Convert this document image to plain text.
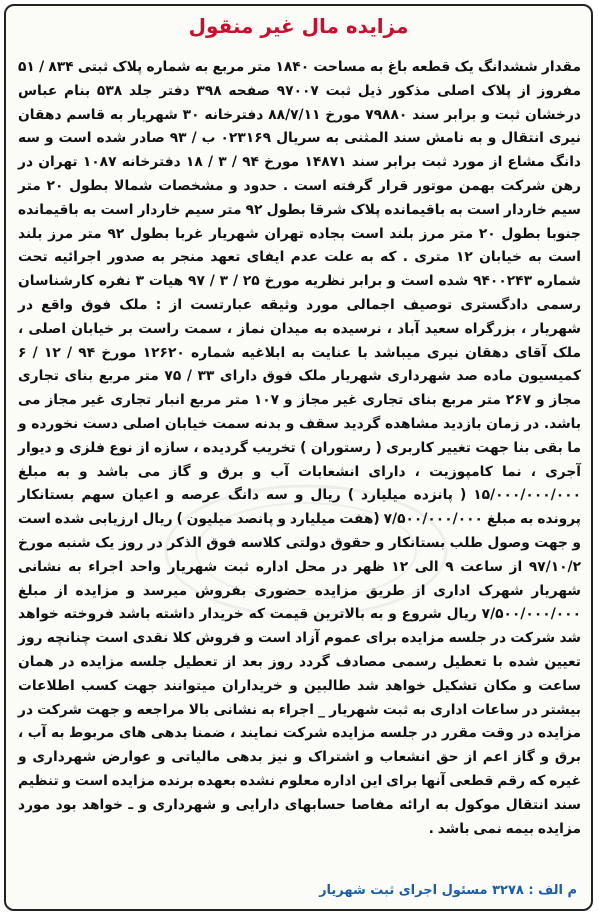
مزایده مال غیر منقول
مقدار ششدانگ یک قطعه باغ به مساحت ۱۸۴۰ متر مربع به شماره پلاک ثبتی ۸۳۴ / ۵۱ مفروز از پلاک اصلی مذکور ذیل ثبت ۹۷۰۰۷ صفحه ۳۹۸ دفتر جلد ۵۳۸ بنام عباس درخشان ثبت و برابر سند ۷۹۸۸۰ مورخ ۸۸/۷/۱۱ دفترخانه ۳۰ شهریار به قاسم دهقان نیری انتقال و به نامش سند المثنی به سریال ۰۲۳۱۶۹ ب / ۹۳ صادر شده است و سه دانگ مشاع از مورد ثبت برابر سند ۱۴۸۷۱ مورخ ۹۴ / ۳ / ۱۸ دفترخانه ۱۰۸۷ تهران در رهن شرکت بهمن موتور قرار گرفته است . حدود و مشخصات شمالا بطول ۲۰ متر سیم خاردار است به باقیمانده پلاک شرقا بطول ۹۲ متر سیم خاردار است به باقیمانده جنوبا بطول ۲۰ متر مرز بلند است بجاده تهران شهریار غربا بطول ۹۲ متر مرز بلند است به خیابان ۱۲ متری . که به علت عدم ایفای تعهد منجر به صدور اجرائیه تحت شماره ۹۴۰۰۲۴۳ شده است و برابر نظریه مورخ ۲۵ / ۳ / ۹۷ هیات ۳ نفره کارشناسان رسمی دادگستری توصیف اجمالی مورد وثیقه عبارتست از : ملک فوق واقع در شهریار ، بزرگراه سعید آباد ، نرسیده به میدان نماز ، سمت راست بر خیابان اصلی ، ملک آقای دهقان نیری میباشد با عنایت به ابلاغیه شماره ۱۲۶۲۰ مورخ ۹۴ / ۱۲ / ۶ کمیسیون ماده صد شهرداری شهریار ملک فوق دارای ۳۳ / ۷۵ متر مربع بنای تجاری مجاز و ۲۶۷ متر مربع بنای تجاری غیر مجاز و ۱۰۷ متر مربع انبار تجاری غیر مجاز می باشد. در زمان بازدید مشاهده گردید سقف و بدنه سمت خیابان اصلی دست نخورده و ما بقی بنا جهت تغییر کاربری ( رستوران ) تخریب گردیده ، سازه از نوع فلزی و دیوار آجری ، نما کامپوزیت ، دارای انشعابات آب و برق و گاز می باشد و به مبلغ ۱۵/۰۰۰/۰۰۰/۰۰۰ ( پانزده میلیارد ) ریال و سه دانگ عرصه و اعیان سهم بستانکار پرونده به مبلغ ۷/۵۰۰/۰۰۰/۰۰۰ (هفت میلیارد و پانصد میلیون ) ریال ارزیابی شده است و جهت وصول طلب بستانکار و حقوق دولتی کلاسه فوق الذکر در روز یک شنبه مورخ ۹۷/۱۰/۲ از ساعت ۹ الی ۱۲ ظهر در محل اداره ثبت شهریار واحد اجراء به نشانی شهریار شهرک اداری از طریق مزایده حضوری بفروش میرسد و مزایده از مبلغ ۷/۵۰۰/۰۰۰/۰۰۰ ریال شروع و به بالاترین قیمت که خریدار داشته باشد فروخته خواهد شد شرکت در جلسه مزایده برای عموم آزاد است و فروش کلا نقدی است چنانچه روز تعیین شده با تعطیل رسمی مصادف گردد روز بعد از تعطیل جلسه مزایده در همان ساعت و مکان تشکیل خواهد شد طالبین و خریداران میتوانند جهت کسب اطلاعات بیشتر در ساعات اداری به ثبت شهریار _ اجراء به نشانی بالا مراجعه و جهت شرکت در مزایده در وقت مقرر در جلسه مزایده شرکت نمایند ، ضمنا بدهی های مربوط به آب ، برق و گاز اعم از حق انشعاب و اشتراک و نیز بدهی مالیاتی و عوارض شهرداری و غیره که رقم قطعی آنها برای این اداره معلوم نشده بعهده برنده مزایده است و تنظیم سند انتقال موکول به ارائه مفاصا حسابهای دارایی و شهرداری و ـ خواهد بود مورد مزایده بیمه نمی باشد .
م الف : ۳۲۷۸ مسئول اجرای ثبت شهریار
